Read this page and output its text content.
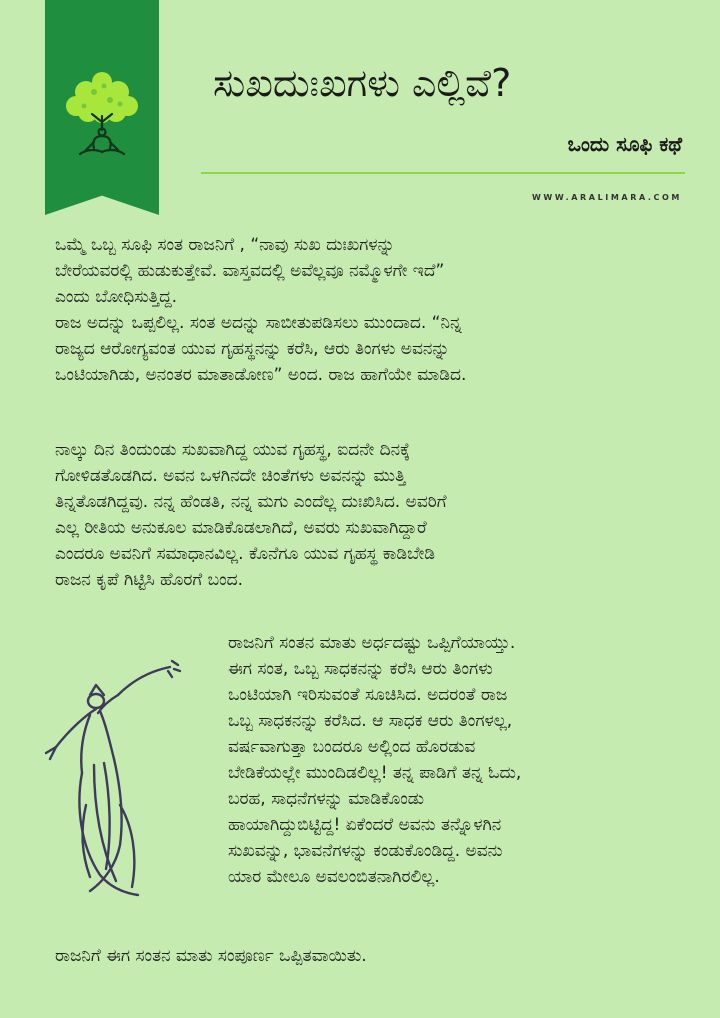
ಸುಖದುಃಖಗಳು ಎಲ್ಲಿವೆ?
ಒಂದು ಸೂಫಿ ಕಥೆ
WWW.ARALIMARA.COM
ಒಮ್ಮೆ ಒಬ್ಬ ಸೂಫಿ ಸಂತ ರಾಜನಿಗೆ , “ನಾವು ಸುಖ ದುಃಖಗಳನ್ನು
ಬೇರೆಯವರಲ್ಲಿ ಹುಡುಕುತ್ತೇವೆ. ವಾಸ್ತವದಲ್ಲಿ ಅವೆಲ್ಲವೂ ನಮ್ಮೊಳಗೇ ಇದೆ”
ಎಂದು ಬೋಧಿಸುತ್ತಿದ್ದ.
ರಾಜ ಅದನ್ನು ಒಪ್ಪಲಿಲ್ಲ. ಸಂತ ಅದನ್ನು ಸಾಬೀತುಪಡಿಸಲು ಮುಂದಾದ. “ನಿನ್ನ
ರಾಜ್ಯದ ಆರೋಗ್ಯವಂತ ಯುವ ಗೃಹಸ್ಥನನ್ನು ಕರೆಸಿ, ಆರು ತಿಂಗಳು ಅವನನ್ನು
ಒಂಟಿಯಾಗಿಡು, ಅನಂತರ ಮಾತಾಡೋಣ” ಅಂದ. ರಾಜ ಹಾಗೆಯೇ ಮಾಡಿದ.
ನಾಲ್ಕು ದಿನ ತಿಂದುಂಡು ಸುಖವಾಗಿದ್ದ ಯುವ ಗೃಹಸ್ಥ, ಐದನೇ ದಿನಕ್ಕೆ
ಗೋಳಿಡತೊಡಗಿದ. ಅವನ ಒಳಗಿನದೇ ಚಿಂತೆಗಳು ಅವನನ್ನು ಮುತ್ತಿ
ತಿನ್ನತೊಡಗಿದ್ದವು. ನನ್ನ ಹೆಂಡತಿ, ನನ್ನ ಮಗು ಎಂದೆಲ್ಲ ದುಃಖಿಸಿದ. ಅವರಿಗೆ
ಎಲ್ಲ ರೀತಿಯ ಅನುಕೂಲ ಮಾಡಿಕೊಡಲಾಗಿದೆ, ಅವರು ಸುಖವಾಗಿದ್ದಾರೆ
ಎಂದರೂ ಅವನಿಗೆ ಸಮಾಧಾನವಿಲ್ಲ. ಕೊನೆಗೂ ಯುವ ಗೃಹಸ್ಥ ಕಾಡಿಬೇಡಿ
ರಾಜನ ಕೃಪೆ ಗಿಟ್ಟಿಸಿ ಹೊರಗೆ ಬಂದ.
ರಾಜನಿಗೆ ಸಂತನ ಮಾತು ಅರ್ಧದಷ್ಟು ಒಪ್ಪಿಗೆಯಾಯ್ತು.
ಈಗ ಸಂತ, ಒಬ್ಬ ಸಾಧಕನನ್ನು ಕರೆಸಿ ಆರು ತಿಂಗಳು
ಒಂಟಿಯಾಗಿ ಇರಿಸುವಂತೆ ಸೂಚಿಸಿದ. ಅದರಂತೆ ರಾಜ
ಒಬ್ಬ ಸಾಧಕನನ್ನು ಕರೆಸಿದ. ಆ ಸಾಧಕ ಆರು ತಿಂಗಳಲ್ಲ,
ವರ್ಷವಾಗುತ್ತಾ ಬಂದರೂ ಅಲ್ಲಿಂದ ಹೊರಡುವ
ಬೇಡಿಕೆಯಲ್ಲೇ ಮುಂದಿಡಲಿಲ್ಲ! ತನ್ನ ಪಾಡಿಗೆ ತನ್ನ ಓದು,
ಬರಹ, ಸಾಧನೆಗಳನ್ನು ಮಾಡಿಕೊಂಡು
ಹಾಯಾಗಿದ್ದುಬಿಟ್ಟಿದ್ದ! ಏಕೆಂದರೆ ಅವನು ತನ್ನೊಳಗಿನ
ಸುಖವನ್ನು, ಭಾವನೆಗಳನ್ನು ಕಂಡುಕೊಂಡಿದ್ದ. ಅವನು
ಯಾರ ಮೇಲೂ ಅವಲಂಬಿತನಾಗಿರಲಿಲ್ಲ.
ರಾಜನಿಗೆ ಈಗ ಸಂತನ ಮಾತು ಸಂಪೂರ್ಣ ಒಪ್ಪಿತವಾಯಿತು.
